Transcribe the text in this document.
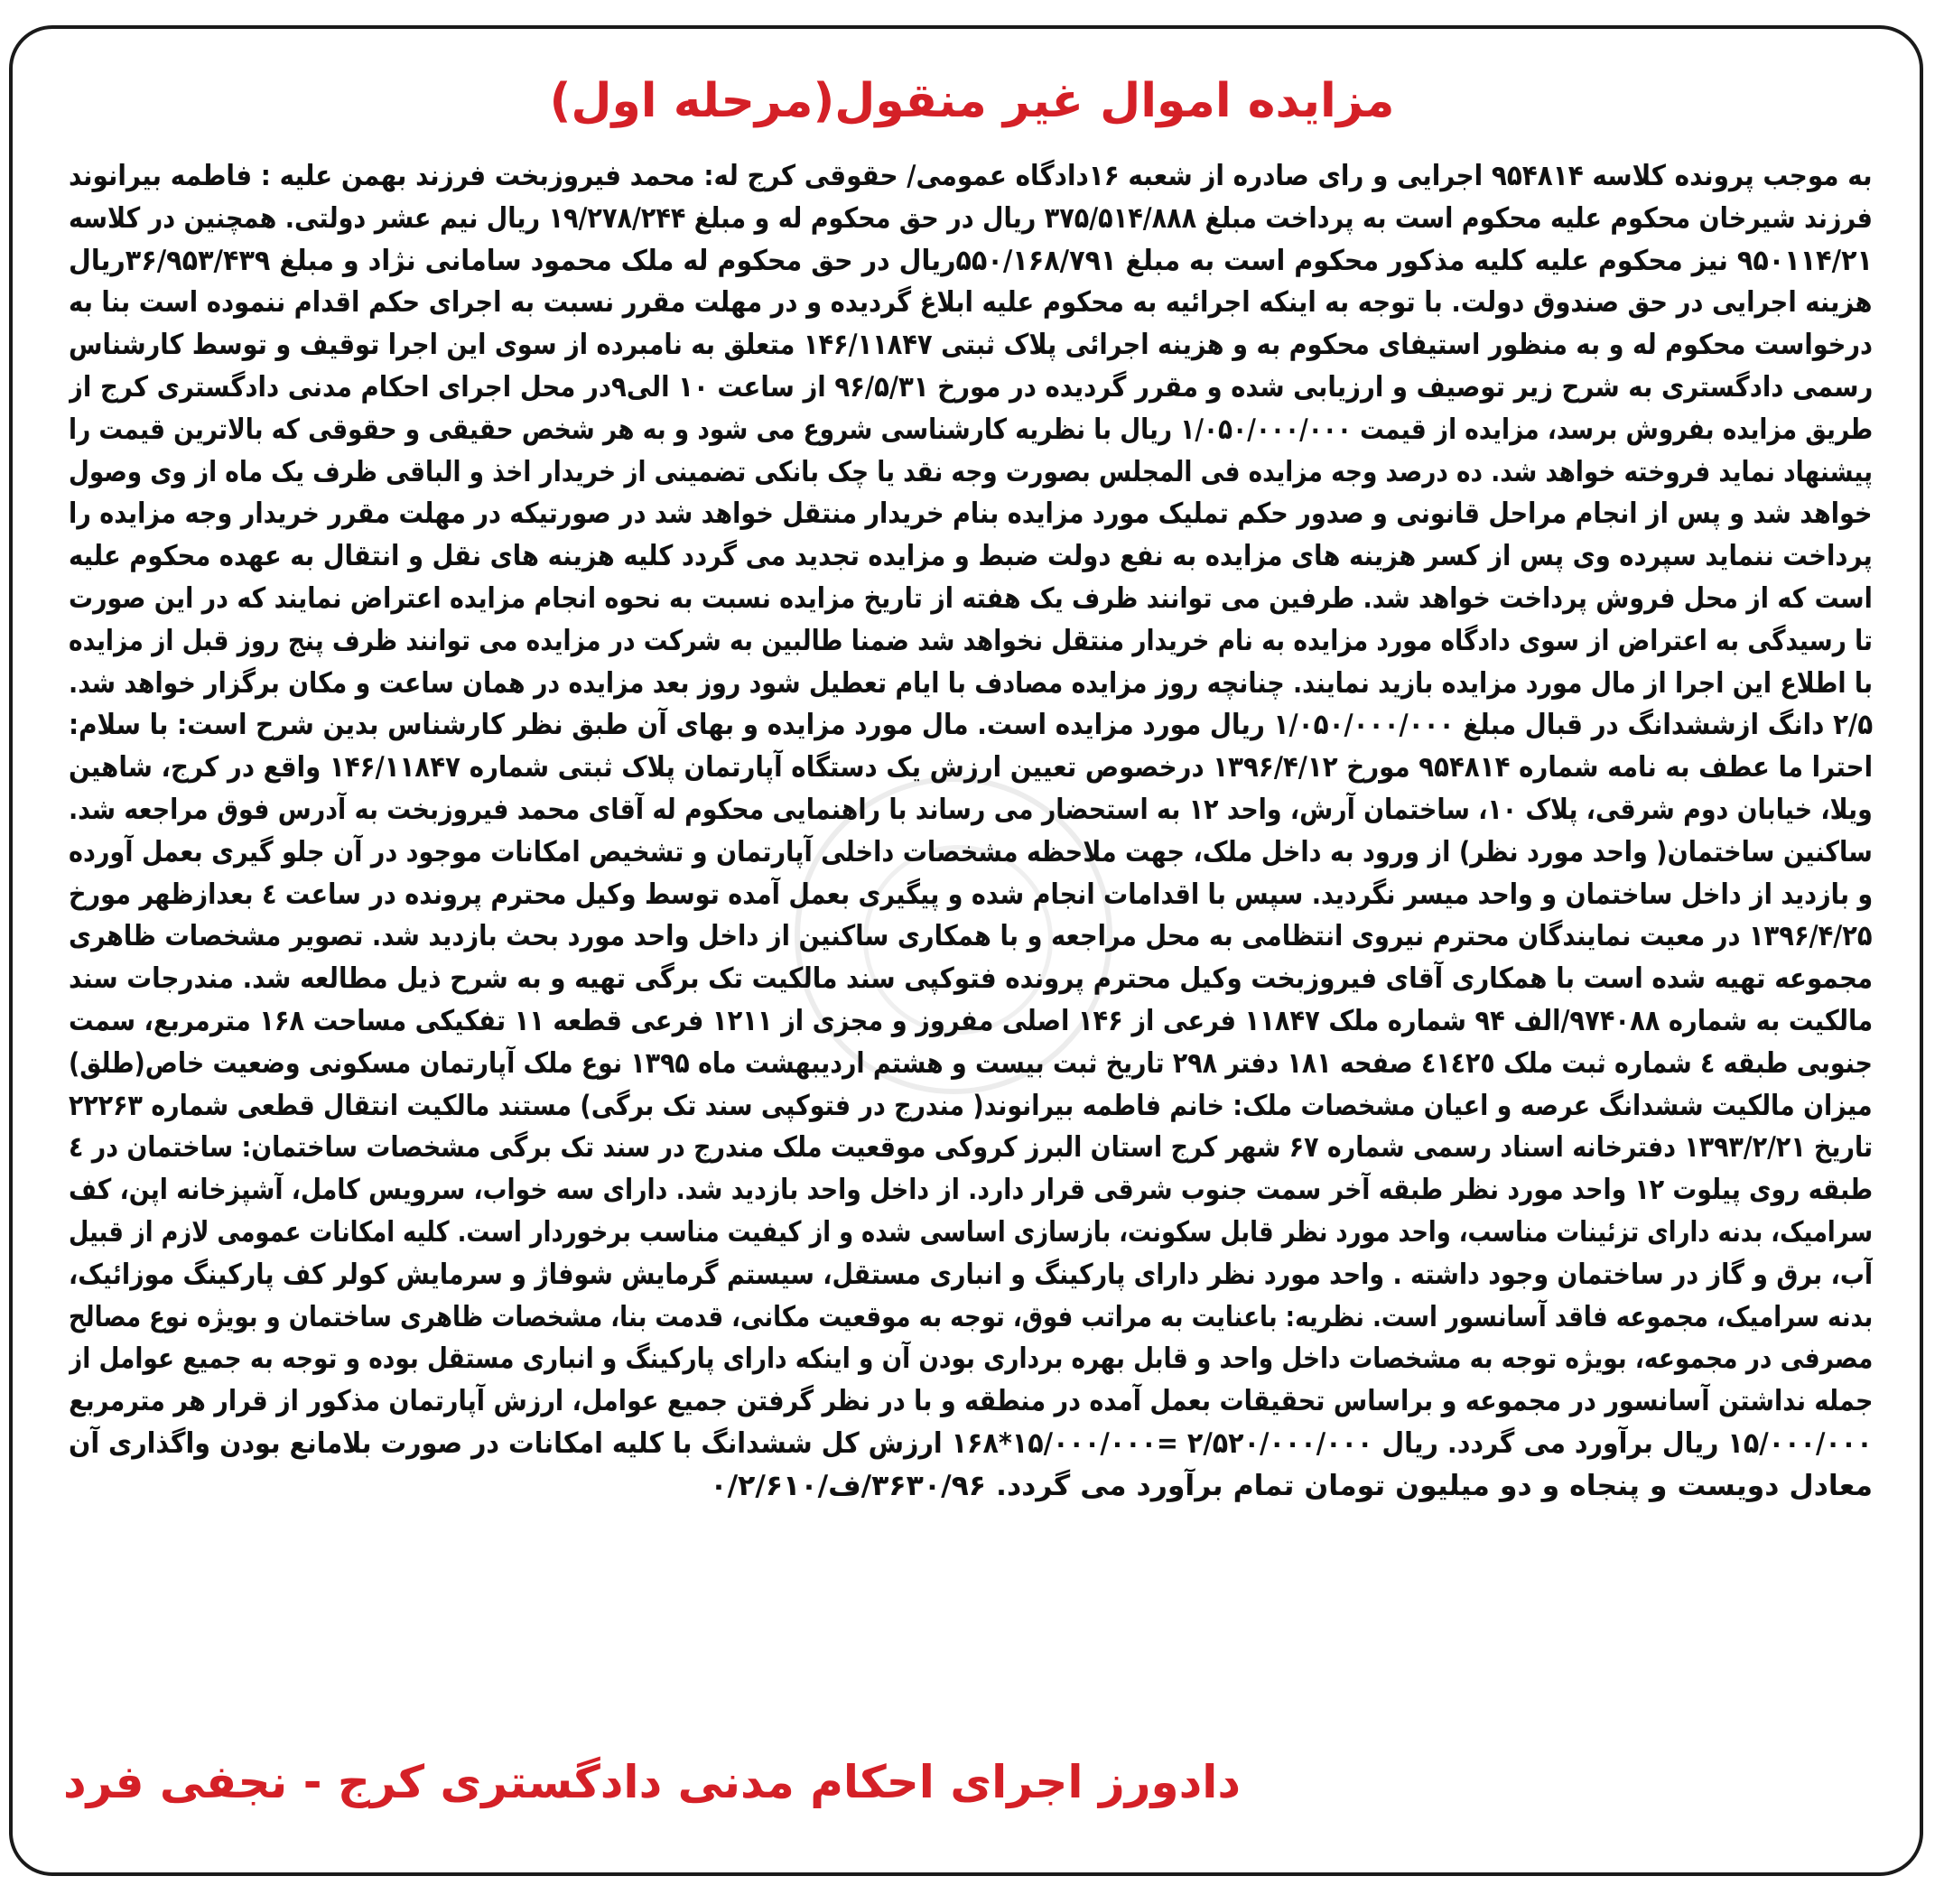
مزایده اموال غیر منقول(مرحله اول)
به موجب پرونده کلاسه ۹۵۴۸۱۴ اجرایی و رای صادره از شعبه ۱۶دادگاه عمومی/ حقوقی کرج له: محمد فیروزبخت فرزند بهمن علیه : فاطمه بیرانوند
فرزند شیرخان محکوم علیه محکوم است به پرداخت مبلغ ۳۷۵/۵۱۴/۸۸۸ ریال در حق محکوم له و مبلغ ۱۹/۲۷۸/۲۴۴ ریال نیم عشر دولتی. همچنین در کلاسه
۹۵۰۱۱۴/۲۱ نیز محکوم علیه کلیه مذکور محکوم است به مبلغ ۵۵۰/۱۶۸/۷۹۱ریال در حق محکوم له ملک محمود سامانی نژاد و مبلغ ۳۶/۹۵۳/۴۳۹ریال
هزینه اجرایی در حق صندوق دولت. با توجه به اینکه اجرائیه به محکوم علیه ابلاغ گردیده و در مهلت مقرر نسبت به اجرای حکم اقدام ننموده است بنا به
درخواست محکوم له و به منظور استیفای محکوم به و هزینه اجرائی پلاک ثبتی ۱۴۶/۱۱۸۴۷ متعلق به نامبرده از سوی این اجرا توقیف و توسط کارشناس
رسمی دادگستری به شرح زیر توصیف و ارزیابی شده و مقرر گردیده در مورخ ۹۶/۵/۳۱ از ساعت ۱۰ الی۹در محل اجرای احکام مدنی دادگستری کرج از
طریق مزایده بفروش برسد، مزایده از قیمت ۱/۰۵۰/۰۰۰/۰۰۰ ریال با نظریه کارشناسی شروع می شود و به هر شخص حقیقی و حقوقی که بالاترین قیمت را
پیشنهاد نماید فروخته خواهد شد. ده درصد وجه مزایده فی المجلس بصورت وجه نقد یا چک بانکی تضمینی از خریدار اخذ و الباقی ظرف یک ماه از وی وصول
خواهد شد و پس از انجام مراحل قانونی و صدور حکم تملیک مورد مزایده بنام خریدار منتقل خواهد شد در صورتیکه در مهلت مقرر خریدار وجه مزایده را
پرداخت ننماید سپرده وی پس از کسر هزینه های مزایده به نفع دولت ضبط و مزایده تجدید می گردد کلیه هزینه های نقل و انتقال به عهده محکوم علیه
است که از محل فروش پرداخت خواهد شد. طرفین می توانند ظرف یک هفته از تاریخ مزایده نسبت به نحوه انجام مزایده اعتراض نمایند که در این صورت
تا رسیدگی به اعتراض از سوی دادگاه مورد مزایده به نام خریدار منتقل نخواهد شد ضمنا طالبین به شرکت در مزایده می توانند ظرف پنج روز قبل از مزایده
با اطلاع این اجرا از مال مورد مزایده بازید نمایند. چنانچه روز مزایده مصادف با ایام تعطیل شود روز بعد مزایده در همان ساعت و مکان برگزار خواهد شد.
۲/۵ دانگ ازششدانگ در قبال مبلغ ۱/۰۵۰/۰۰۰/۰۰۰ ریال مورد مزایده است. مال مورد مزایده و بهای آن طبق نظر کارشناس بدین شرح است: با سلام:
احترا ما عطف به نامه شماره ۹۵۴۸۱۴ مورخ ۱۳۹۶/۴/۱۲ درخصوص تعیین ارزش یک دستگاه آپارتمان پلاک ثبتی شماره ۱۴۶/۱۱۸۴۷ واقع در کرج، شاهین
ویلا، خیابان دوم شرقی، پلاک ۱۰، ساختمان آرش، واحد ۱۲ به استحضار می رساند با راهنمایی محکوم له آقای محمد فیروزبخت به آدرس فوق مراجعه شد.
ساکنین ساختمان( واحد مورد نظر) از ورود به داخل ملک، جهت ملاحظه مشخصات داخلی آپارتمان و تشخیص امکانات موجود در آن جلو گیری بعمل آورده
و بازدید از داخل ساختمان و واحد میسر نگردید. سپس با اقدامات انجام شده و پیگیری بعمل آمده توسط وکیل محترم پرونده در ساعت ٤ بعدازظهر مورخ
۱۳۹۶/۴/۲۵ در معیت نمایندگان محترم نیروی انتظامی به محل مراجعه و با همکاری ساکنین از داخل واحد مورد بحث بازدید شد. تصویر مشخصات ظاهری
مجموعه تهیه شده است با همکاری آقای فیروزبخت وکیل محترم پرونده فتوکپی سند مالکیت تک برگی تهیه و به شرح ذیل مطالعه شد. مندرجات سند
مالکیت به شماره ۹۷۴۰۸۸/الف ۹۴ شماره ملک ۱۱۸۴۷ فرعی از ۱۴۶ اصلی مفروز و مجزی از ۱۲۱۱ فرعی قطعه ۱۱ تفکیکی مساحت ۱۶۸ مترمربع، سمت
جنوبی طبقه ٤ شماره ثبت ملک ٤١٤٢٥ صفحه ۱۸۱ دفتر ۲۹۸ تاریخ ثبت بیست و هشتم اردیبهشت ماه ۱۳۹۵ نوع ملک آپارتمان مسکونی وضعیت خاص(طلق)
میزان مالکیت ششدانگ عرصه و اعیان مشخصات ملک: خانم فاطمه بیرانوند( مندرج در فتوکپی سند تک برگی) مستند مالکیت انتقال قطعی شماره ۲۲۲۶۳
تاریخ ۱۳۹۳/۲/۲۱ دفترخانه اسناد رسمی شماره ۶۷ شهر کرج استان البرز کروکی موقعیت ملک مندرج در سند تک برگی مشخصات ساختمان: ساختمان در ٤
طبقه روی پیلوت ۱۲ واحد مورد نظر طبقه آخر سمت جنوب شرقی قرار دارد. از داخل واحد بازدید شد. دارای سه خواب، سرویس کامل، آشپزخانه اپن، کف
سرامیک، بدنه دارای تزئینات مناسب، واحد مورد نظر قابل سکونت، بازسازی اساسی شده و از کیفیت مناسب برخوردار است. کلیه امکانات عمومی لازم از قبیل
آب، برق و گاز در ساختمان وجود داشته . واحد مورد نظر دارای پارکینگ و انباری مستقل، سیستم گرمایش شوفاژ و سرمایش کولر کف پارکینگ موزائیک،
بدنه سرامیک، مجموعه فاقد آسانسور است. نظریه: باعنایت به مراتب فوق، توجه به موقعیت مکانی، قدمت بنا، مشخصات ظاهری ساختمان و بویژه نوع مصالح
مصرفی در مجموعه، بویژه توجه به مشخصات داخل واحد و قابل بهره برداری بودن آن و اینکه دارای پارکینگ و انباری مستقل بوده و توجه به جمیع عوامل از
جمله نداشتن آسانسور در مجموعه و براساس تحقیقات بعمل آمده در منطقه و با در نظر گرفتن جمیع عوامل، ارزش آپارتمان مذکور از قرار هر مترمربع
۱۵/۰۰۰/۰۰۰ ریال برآورد می گردد. ریال ۲/۵۲۰/۰۰۰/۰۰۰ =۱۵/۰۰۰/۰۰۰*۱۶۸ ارزش کل ششدانگ با کلیه امکانات در صورت بلامانع بودن واگذاری آن
معادل دویست و پنجاه و دو میلیون تومان تمام برآورد می گردد. ۳۶۳۰/۹۶/ف/۰/۲/۶۱۰
دادورز اجرای احکام مدنی دادگستری کرج - نجفی فرد
